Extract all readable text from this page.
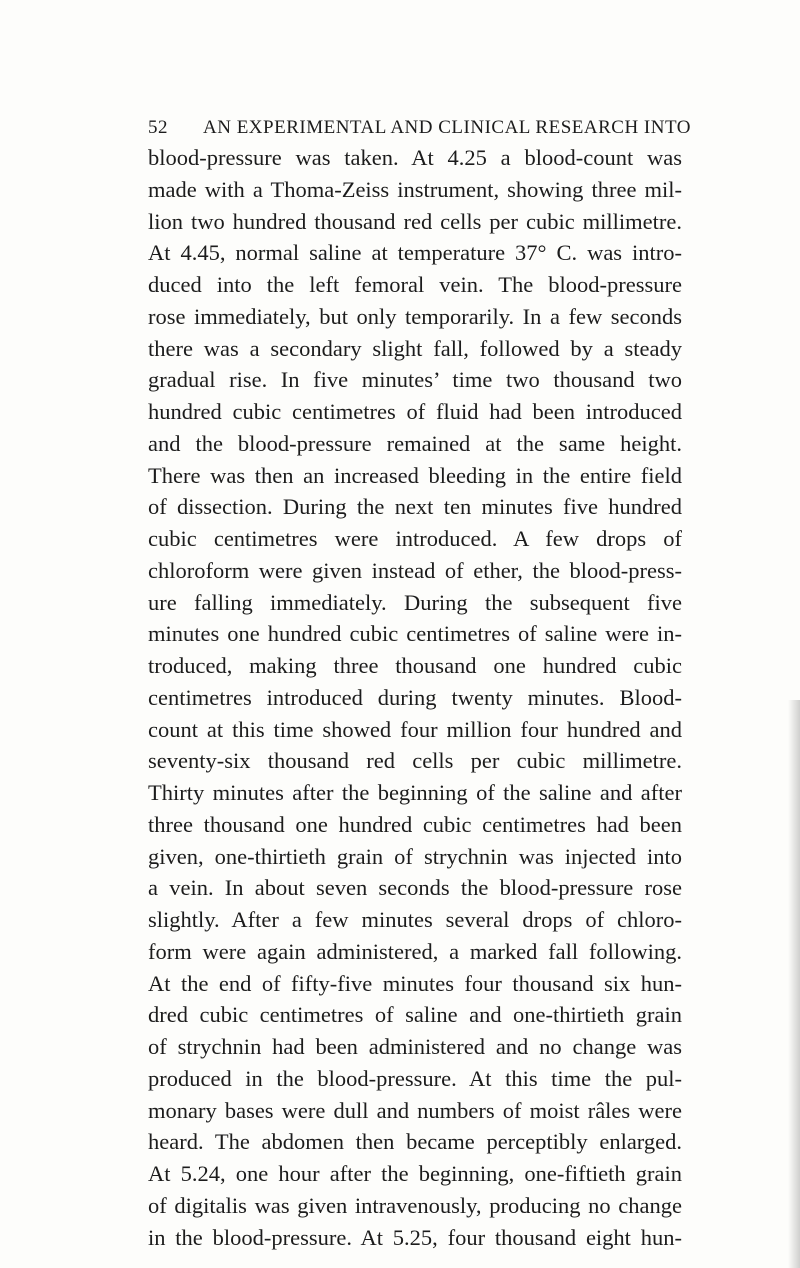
52 AN EXPERIMENTAL AND CLINICAL RESEARCH INTO
blood-pressure was taken. At 4.25 a blood-count was
made with a Thoma-Zeiss instrument, showing three mil-
lion two hundred thousand red cells per cubic millimetre.
At 4.45, normal saline at temperature 37° C. was intro-
duced into the left femoral vein. The blood-pressure
rose immediately, but only temporarily. In a few seconds
there was a secondary slight fall, followed by a steady
gradual rise. In five minutes’ time two thousand two
hundred cubic centimetres of fluid had been introduced
and the blood-pressure remained at the same height.
There was then an increased bleeding in the entire field
of dissection. During the next ten minutes five hundred
cubic centimetres were introduced. A few drops of
chloroform were given instead of ether, the blood-press-
ure falling immediately. During the subsequent five
minutes one hundred cubic centimetres of saline were in-
troduced, making three thousand one hundred cubic
centimetres introduced during twenty minutes. Blood-
count at this time showed four million four hundred and
seventy-six thousand red cells per cubic millimetre.
Thirty minutes after the beginning of the saline and after
three thousand one hundred cubic centimetres had been
given, one-thirtieth grain of strychnin was injected into
a vein. In about seven seconds the blood-pressure rose
slightly. After a few minutes several drops of chloro-
form were again administered, a marked fall following.
At the end of fifty-five minutes four thousand six hun-
dred cubic centimetres of saline and one-thirtieth grain
of strychnin had been administered and no change was
produced in the blood-pressure. At this time the pul-
monary bases were dull and numbers of moist râles were
heard. The abdomen then became perceptibly enlarged.
At 5.24, one hour after the beginning, one-fiftieth grain
of digitalis was given intravenously, producing no change
in the blood-pressure. At 5.25, four thousand eight hun-
